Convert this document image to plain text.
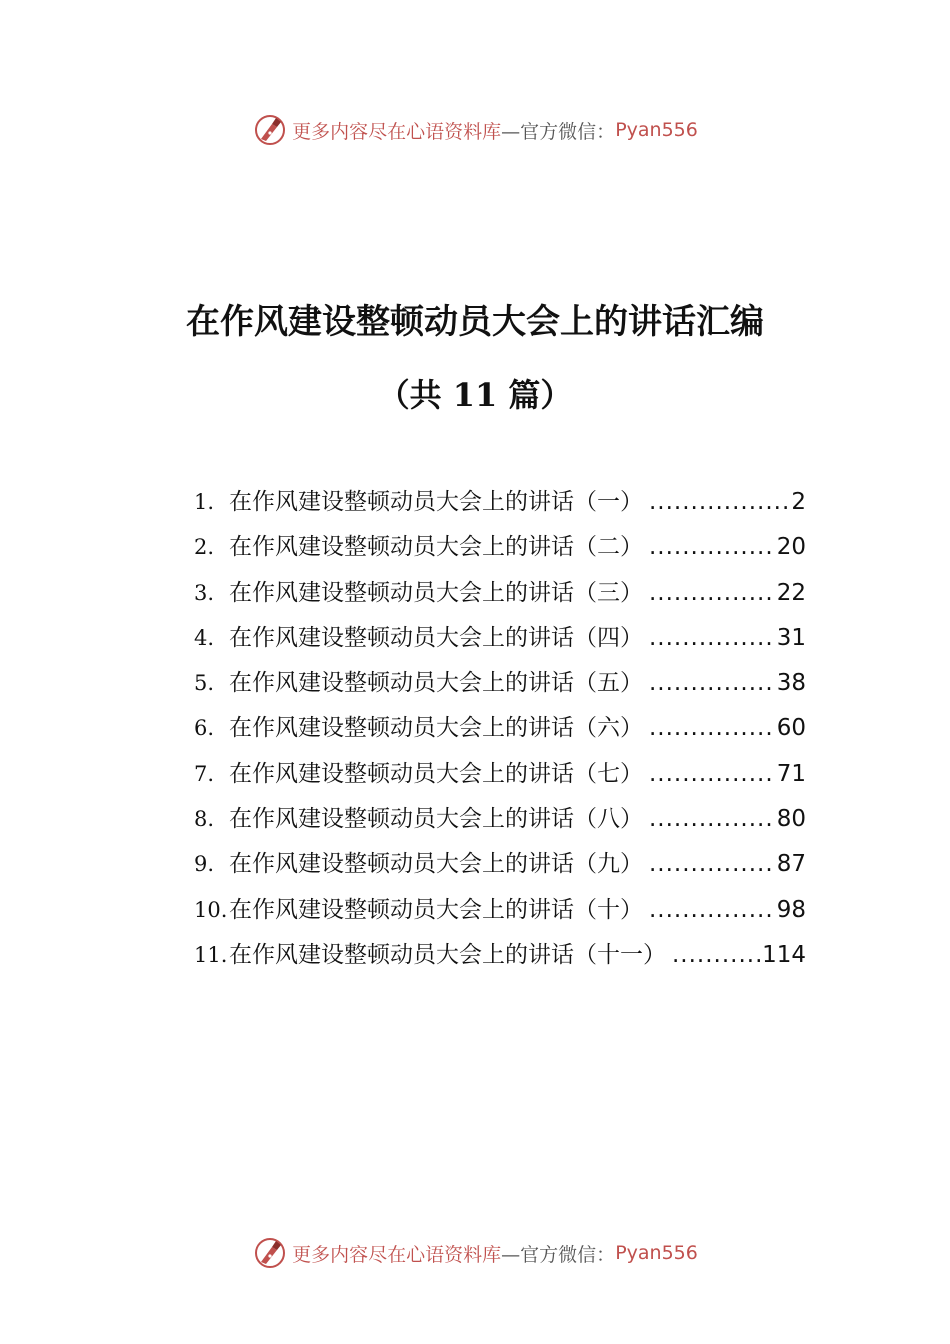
更多内容尽在心语资料库 —官方微信： Pyan556
在作风建设整顿动员大会上的讲话汇编
（共 11 篇）
1. 在作风建设整顿动员大会上的讲话（一） .....	2
2. 在作风建设整顿动员大会上的讲话（二） .....	20
3. 在作风建设整顿动员大会上的讲话（三） .....	22
4. 在作风建设整顿动员大会上的讲话（四） .....	31
5. 在作风建设整顿动员大会上的讲话（五） .....	38
6. 在作风建设整顿动员大会上的讲话（六） .....	60
7. 在作风建设整顿动员大会上的讲话（七） .....	71
8. 在作风建设整顿动员大会上的讲话（八） .....	80
9. 在作风建设整顿动员大会上的讲话（九） .....	87
10. 在作风建设整顿动员大会上的讲话（十） .....	98
11. 在作风建设整顿动员大会上的讲话（十一） .....	114
更多内容尽在心语资料库 —官方微信： Pyan556
